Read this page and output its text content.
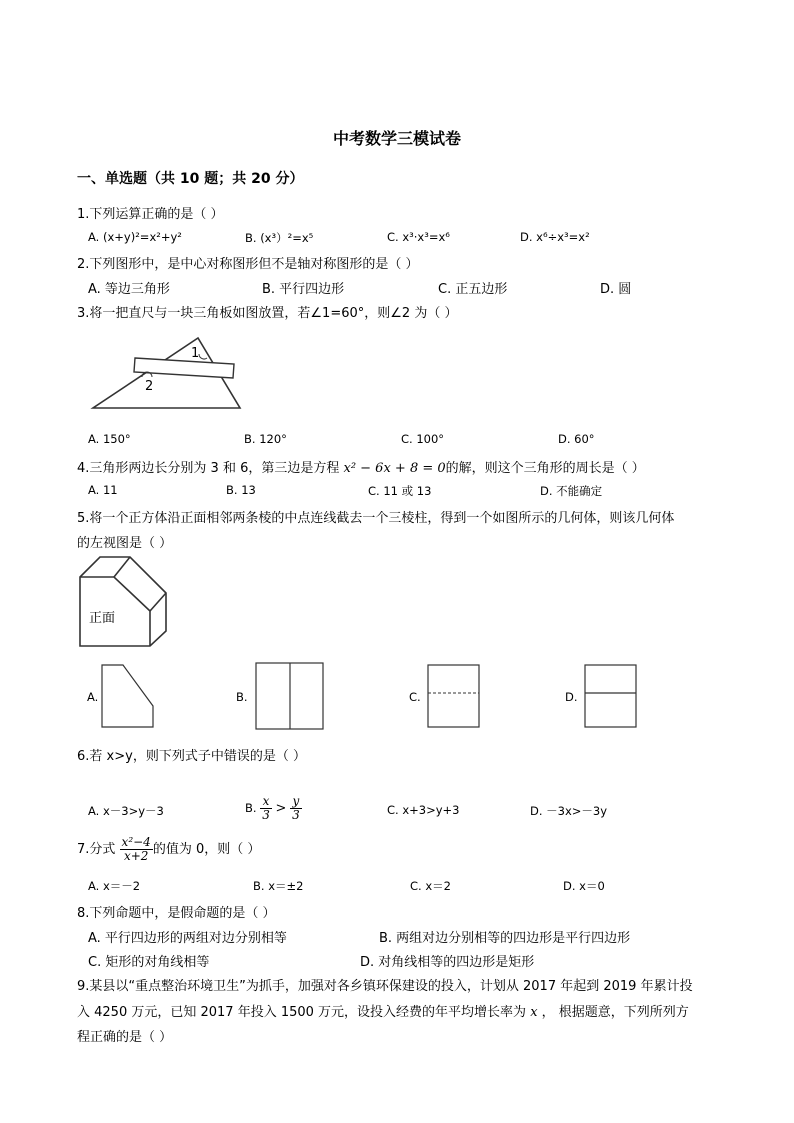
中考数学三模试卷
一、单选题（共 10 题；共 20 分）
1.下列运算正确的是（ ）
A. (x+y)²=x²+y²	B. (x³）²=x⁵	C. x³·x³=x⁶	D. x⁶÷x³=x²
2.下列图形中，是中心对称图形但不是轴对称图形的是（ ）
A. 等边三角形	B. 平行四边形	C. 正五边形	D. 圆
3.将一把直尺与一块三角板如图放置，若∠1=60°，则∠2 为（ ）
1
2
A. 150°	B. 120°	C. 100°	D. 60°
4.三角形两边长分别为 3 和 6，第三边是方程 x² − 6x + 8 = 0的解，则这个三角形的周长是（ ）
A. 11	B. 13	C. 11 或 13	D. 不能确定
5.将一个正方体沿正面相邻两条棱的中点连线截去一个三棱柱，得到一个如图所示的几何体，则该几何体
的左视图是（ ）
正面
A.	B.	C.	D.
6.若 x>y，则下列式子中错误的是（ ）
A. x－3>y－3	B. $\frac{x}{3} > \frac{y}{3}$	C. x+3>y+3	D. －3x>－3y
7.分式 $\frac{\text{x²−4}}{x+2}$ 的值为 0，则（ ）
A. x＝－2	B. x＝±2	C. x＝2	D. x＝0
8.下列命题中，是假命题的是（ ）
A. 平行四边形的两组对边分别相等	B. 两组对边分别相等的四边形是平行四边形
C. 矩形的对角线相等	D. 对角线相等的四边形是矩形
9.某县以“重点整治环境卫生”为抓手，加强对各乡镇环保建设的投入，计划从 2017 年起到 2019 年累计投
入 4250 万元，已知 2017 年投入 1500 万元，设投入经费的年平均增长率为 x ， 根据题意，下列所列方
程正确的是（ ）
